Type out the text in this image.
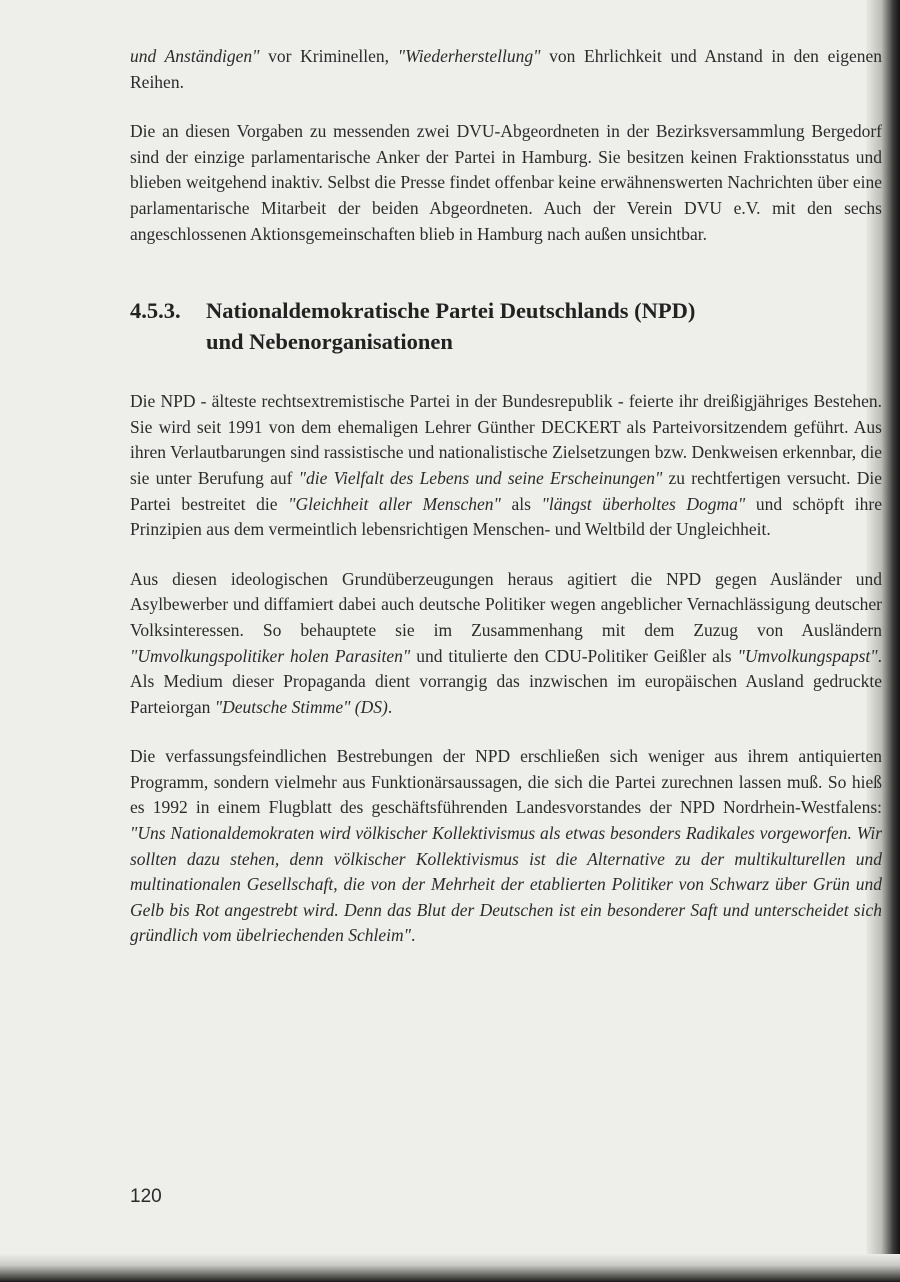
und Anständigen" vor Kriminellen, "Wiederherstellung" von Ehrlichkeit und Anstand in den eigenen Reihen.

Die an diesen Vorgaben zu messenden zwei DVU-Abgeordneten in der Bezirksversammlung Bergedorf sind der einzige parlamentarische Anker der Partei in Hamburg. Sie besitzen keinen Fraktionsstatus und blieben weitgehend inaktiv. Selbst die Presse findet offenbar keine erwähnenswerten Nachrichten über eine parlamentarische Mitarbeit der beiden Abgeordneten. Auch der Verein DVU e.V. mit den sechs angeschlossenen Aktionsgemeinschaften blieb in Hamburg nach außen unsichtbar.

4.5.3.	Nationaldemokratische Partei Deutschlands (NPD)
und Nebenorganisationen

Die NPD - älteste rechtsextremistische Partei in der Bundesrepublik - feierte ihr dreißigjähriges Bestehen. Sie wird seit 1991 von dem ehemaligen Lehrer Günther DECKERT als Parteivorsitzendem geführt. Aus ihren Verlautbarungen sind rassistische und nationalistische Zielsetzungen bzw. Denkweisen erkennbar, die sie unter Berufung auf "die Vielfalt des Lebens und seine Erscheinungen" zu rechtfertigen versucht. Die Partei bestreitet die "Gleichheit aller Menschen" als "längst überholtes Dogma" und schöpft ihre Prinzipien aus dem vermeintlich lebensrichtigen Menschen- und Weltbild der Ungleichheit.

Aus diesen ideologischen Grundüberzeugungen heraus agitiert die NPD gegen Ausländer und Asylbewerber und diffamiert dabei auch deutsche Politiker wegen angeblicher Vernachlässigung deutscher Volksinteressen. So behauptete sie im Zusammenhang mit dem Zuzug von Ausländern "Umvolkungspolitiker holen Parasiten" und titulierte den CDU-Politiker Geißler als "Umvolkungspapst". Als Medium dieser Propaganda dient vorrangig das inzwischen im europäischen Ausland gedruckte Parteiorgan "Deutsche Stimme" (DS).

Die verfassungsfeindlichen Bestrebungen der NPD erschließen sich weniger aus ihrem antiquierten Programm, sondern vielmehr aus Funktionärsaussagen, die sich die Partei zurechnen lassen muß. So hieß es 1992 in einem Flugblatt des geschäftsführenden Landesvorstandes der NPD Nordrhein-Westfalens: "Uns Nationaldemokraten wird völkischer Kollektivismus als etwas besonders Radikales vorgeworfen. Wir sollten dazu stehen, denn völkischer Kollektivismus ist die Alternative zu der multikulturellen und multinationalen Gesellschaft, die von der Mehrheit der etablierten Politiker von Schwarz über Grün und Gelb bis Rot angestrebt wird. Denn das Blut der Deutschen ist ein besonderer Saft und unterscheidet sich gründlich vom übelriechenden Schleim".

120
